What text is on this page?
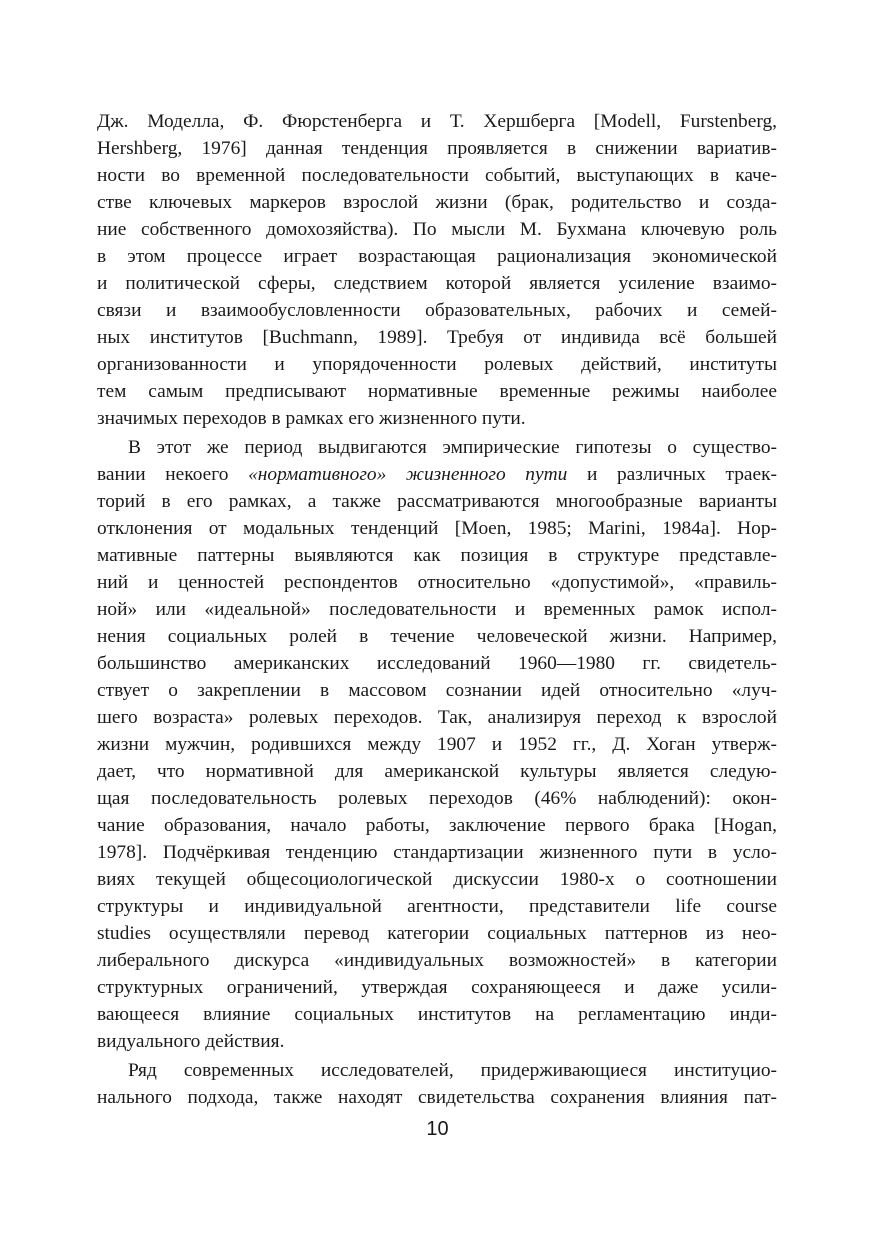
Дж. Моделла, Ф. Фюрстенберга и Т. Хершберга [Modell, Furstenberg,
Hershberg, 1976] данная тенденция проявляется в снижении вариатив-
ности во временной последовательности событий, выступающих в каче-
стве ключевых маркеров взрослой жизни (брак, родительство и созда-
ние собственного домохозяйства). По мысли М. Бухмана ключевую роль
в этом процессе играет возрастающая рационализация экономической
и политической сферы, следствием которой является усиление взаимо-
связи и взаимообусловленности образовательных, рабочих и семей-
ных институтов [Buchmann, 1989]. Требуя от индивида всё большей
организованности и упорядоченности ролевых действий, институты
тем самым предписывают нормативные временные режимы наиболее
значимых переходов в рамках его жизненного пути.
В этот же период выдвигаются эмпирические гипотезы о существо-
вании некоего «нормативного» жизненного пути и различных траек-
торий в его рамках, а также рассматриваются многообразные варианты
отклонения от модальных тенденций [Moen, 1985; Marini, 1984a]. Нор-
мативные паттерны выявляются как позиция в структуре представле-
ний и ценностей респондентов относительно «допустимой», «правиль-
ной» или «идеальной» последовательности и временных рамок испол-
нения социальных ролей в течение человеческой жизни. Например,
большинство американских исследований 1960—1980 гг. свидетель-
ствует о закреплении в массовом сознании идей относительно «луч-
шего возраста» ролевых переходов. Так, анализируя переход к взрослой
жизни мужчин, родившихся между 1907 и 1952 гг., Д. Хоган утверж-
дает, что нормативной для американской культуры является следую-
щая последовательность ролевых переходов (46% наблюдений): окон-
чание образования, начало работы, заключение первого брака [Hogan,
1978]. Подчёркивая тенденцию стандартизации жизненного пути в усло-
виях текущей общесоциологической дискуссии 1980-х о соотношении
структуры и индивидуальной агентности, представители life course
studies осуществляли перевод категории социальных паттернов из нео-
либерального дискурса «индивидуальных возможностей» в категории
структурных ограничений, утверждая сохраняющееся и даже усили-
вающееся влияние социальных институтов на регламентацию инди-
видуального действия.
Ряд современных исследователей, придерживающиеся институцио-
нального подхода, также находят свидетельства сохранения влияния пат-
10
